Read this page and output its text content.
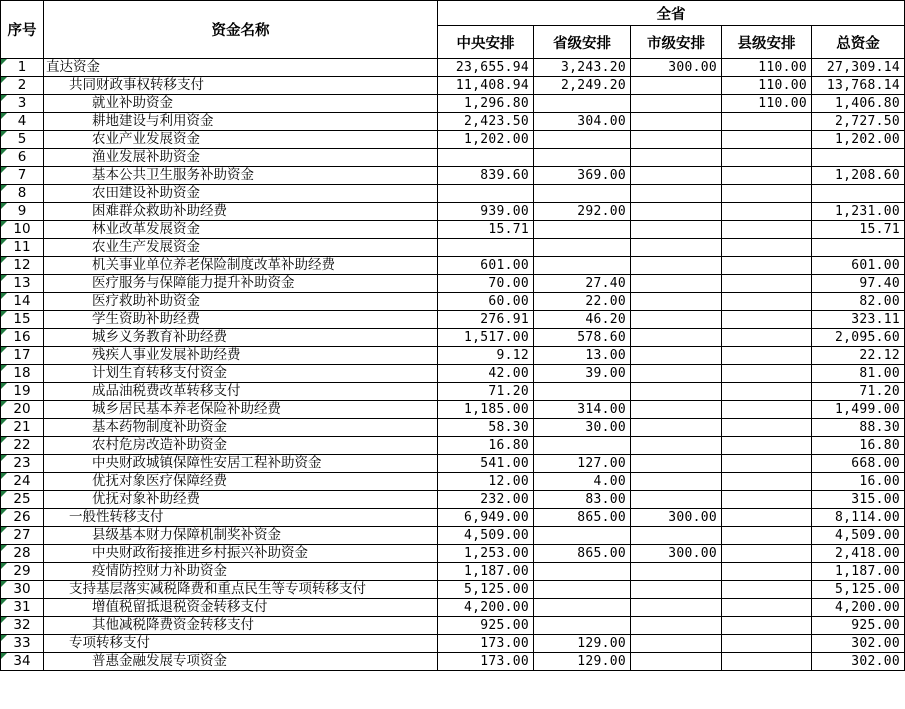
序号	资金名称	全省				
		中央安排	省级安排	市级安排	县级安排	总资金
1	直达资金	23,655.94	3,243.20	300.00	110.00	27,309.14
2	共同财政事权转移支付	11,408.94	2,249.20		110.00	13,768.14
3	就业补助资金	1,296.80			110.00	1,406.80
4	耕地建设与利用资金	2,423.50	304.00			2,727.50
5	农业产业发展资金	1,202.00				1,202.00
6	渔业发展补助资金					
7	基本公共卫生服务补助资金	839.60	369.00			1,208.60
8	农田建设补助资金					
9	困难群众救助补助经费	939.00	292.00			1,231.00
10	林业改革发展资金	15.71				15.71
11	农业生产发展资金					
12	机关事业单位养老保险制度改革补助经费	601.00				601.00
13	医疗服务与保障能力提升补助资金	70.00	27.40			97.40
14	医疗救助补助资金	60.00	22.00			82.00
15	学生资助补助经费	276.91	46.20			323.11
16	城乡义务教育补助经费	1,517.00	578.60			2,095.60
17	残疾人事业发展补助经费	9.12	13.00			22.12
18	计划生育转移支付资金	42.00	39.00			81.00
19	成品油税费改革转移支付	71.20				71.20
20	城乡居民基本养老保险补助经费	1,185.00	314.00			1,499.00
21	基本药物制度补助资金	58.30	30.00			88.30
22	农村危房改造补助资金	16.80				16.80
23	中央财政城镇保障性安居工程补助资金	541.00	127.00			668.00
24	优抚对象医疗保障经费	12.00	4.00			16.00
25	优抚对象补助经费	232.00	83.00			315.00
26	一般性转移支付	6,949.00	865.00	300.00		8,114.00
27	县级基本财力保障机制奖补资金	4,509.00				4,509.00
28	中央财政衔接推进乡村振兴补助资金	1,253.00	865.00	300.00		2,418.00
29	疫情防控财力补助资金	1,187.00				1,187.00
30	支持基层落实减税降费和重点民生等专项转移支付	5,125.00				5,125.00
31	增值税留抵退税资金转移支付	4,200.00				4,200.00
32	其他减税降费资金转移支付	925.00				925.00
33	专项转移支付	173.00	129.00			302.00
34	普惠金融发展专项资金	173.00	129.00			302.00
